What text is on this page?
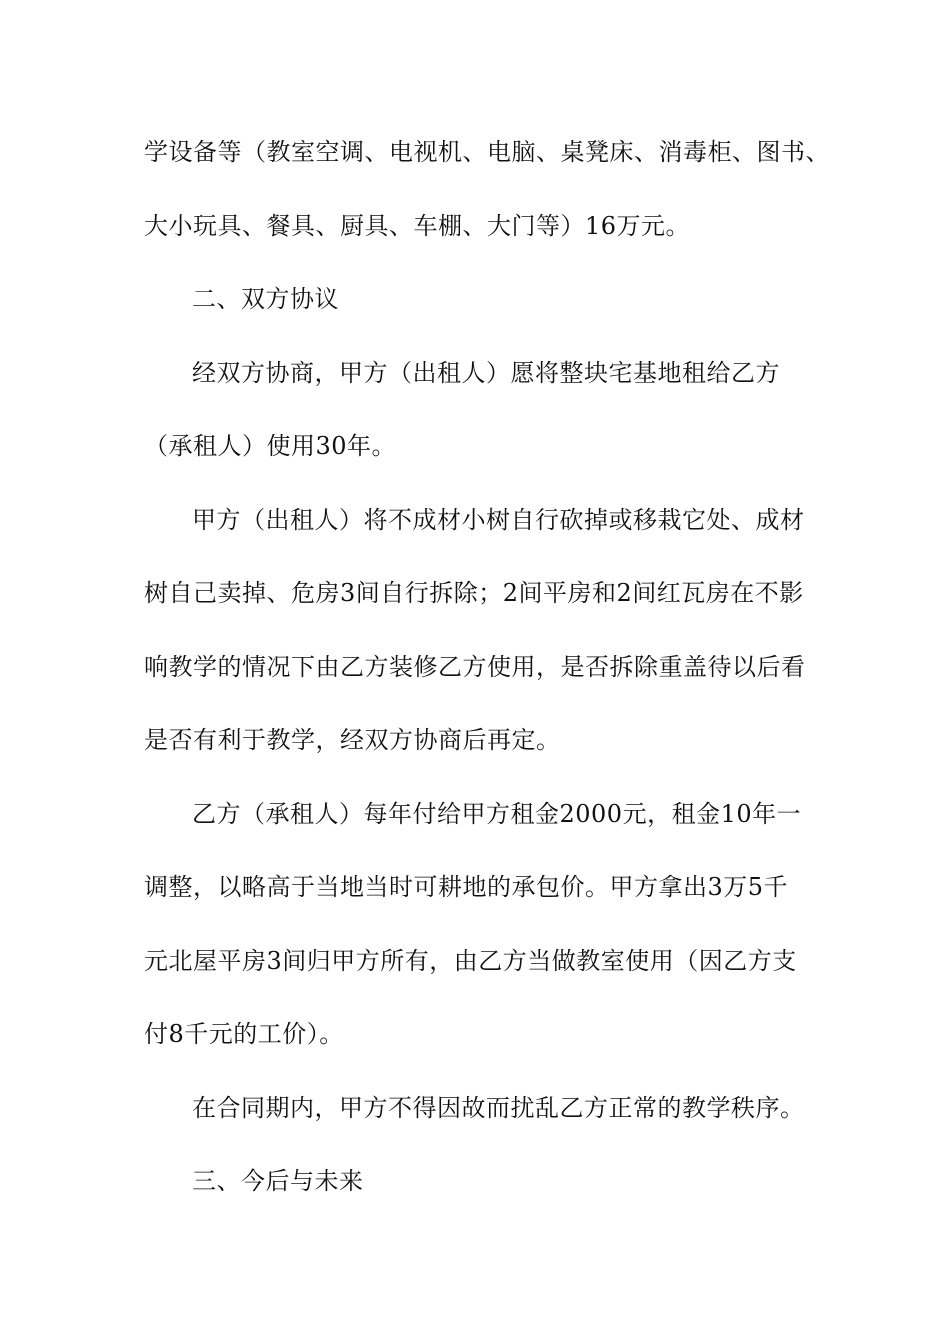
学设备等（教室空调、电视机、电脑、桌凳床、消毒柜、图书、
大小玩具、餐具、厨具、车棚、大门等）16万元。
二、双方协议
经双方协商，甲方（出租人）愿将整块宅基地租给乙方
（承租人）使用30年。
甲方（出租人）将不成材小树自行砍掉或移栽它处、成材
树自己卖掉、危房3间自行拆除；2间平房和2间红瓦房在不影
响教学的情况下由乙方装修乙方使用，是否拆除重盖待以后看
是否有利于教学，经双方协商后再定。
乙方（承租人）每年付给甲方租金2000元，租金10年一
调整，以略高于当地当时可耕地的承包价。甲方拿出3万5千
元北屋平房3间归甲方所有，由乙方当做教室使用（因乙方支
付8千元的工价）。
在合同期内，甲方不得因故而扰乱乙方正常的教学秩序。
三、今后与未来
